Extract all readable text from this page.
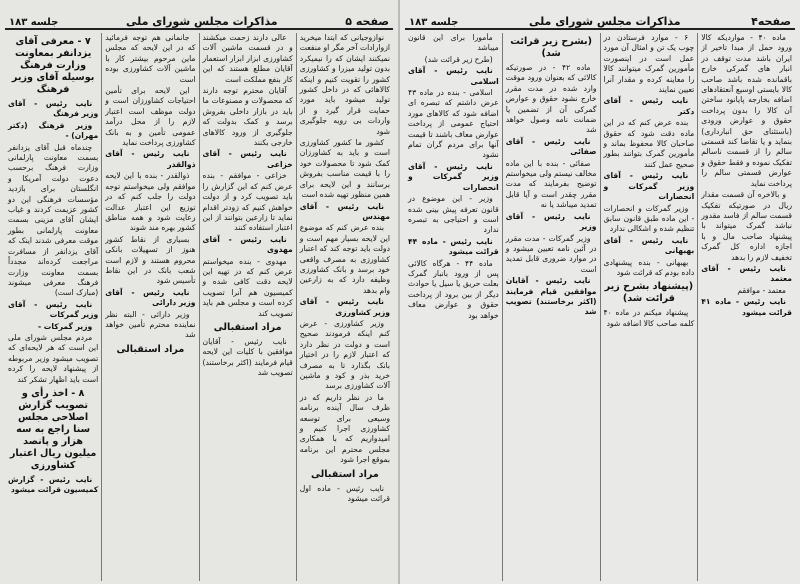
صفحه ۵
مذاکرات مجلس شورای ملی
جلسه ۱۸۳

نوازوجیانی که ابتدا میخرید ازوارادات آخر مگر او منفعت نمیکنند ایشان که را نیمیکرد بدون تولید میزرا و کشاورزی کشور را تقویت کنیم و اینکه کالاهائی که در داخل کشور تولید میشود باید مورد حمایت قرار گیرد و از واردات بی رویه جلوگیری شود

کشور ما کشور کشاورزی است و باید به کشاورزان کمک شود تا محصولات خود را با قیمت مناسب بفروش برسانند و این لایحه برای همین منظور تهیه شده است

نایب رئیس - آقای مهندس

بنده عرض کنم که موضوع این لایحه بسیار مهم است و دولت باید توجه کند که اعتبار کشاورزی به مصرف واقعی خود برسد و بانک کشاورزی وظیفه دارد که به زارعین وام بدهد

نایب رئیس - آقای وزیر کشاورزی

وزیر کشاورزی - عرض کنم اینکه فرمودند صحیح است و دولت در نظر دارد که اعتبار لازم را در اختیار بانک بگذارد تا به مصرف خرید بذر و کود و ماشین آلات کشاورزی برسد

ما در نظر داریم که در ظرف سال آینده برنامه وسیعی برای توسعه کشاورزی اجرا کنیم و امیدواریم که با همکاری مجلس محترم این برنامه بموقع اجرا شود

مراد استقبالی

نایب رئیس - ماده اول قرائت میشود

عالی دارند زحمت میکشند و در قسمت ماشین آلات کشاورزی ابزار ابزار استعمار آقایان مطلع هستند که این کار بنفع مملکت است

آقایان محترم توجه دارند که محصولات و مصنوعات ما باید در بازار داخلی بفروش برسد و کمک بدولت که جلوگیری از ورود کالاهای خارجی بکنند

نایب رئیس - آقای خزاعی

خزاعی - موافقم - بنده عرض کنم که این گزارش را باید تصویب کرد و از دولت خواهش کنیم که زودتر اقدام نماید تا زارعین بتوانند از این اعتبار استفاده کنند

نایب رئیس - آقای مهدوی

مهدوی - بنده میخواستم عرض کنم که در تهیه این لایحه دقت کافی شده و کمیسیون هم آنرا تصویب کرده است و مجلس هم باید تصویب کند

مراد استقبالی

نایب رئیس - آقایان موافقین با کلیات این لایحه قیام فرمایند (اکثر برخاستند) تصویب شد

جانمانی هم توجه فرمائید که در این لایحه که مجلس ماین مرحوم بیشتر کار با ماشین آلات کشاورزی بوده است

این لایحه برای تأمین احتیاجات کشاورزان است و دولت موظف است اعتبار لازم را از محل درآمد عمومی تأمین و به بانک کشاورزی پرداخت نماید

نایب رئیس - آقای ذوالقدر

ذوالقدر - بنده با این لایحه موافقم ولی میخواستم توجه دولت را جلب کنم که در توزیع این اعتبار عدالت رعایت شود و همه مناطق کشور بهره مند شوند

بسیاری از نقاط کشور هنوز از تسهیلات بانکی محروم هستند و لازم است شعب بانک در این نقاط تأسیس شود

نایب رئیس - آقای وزیر دارائی

وزیر دارائی - البته نظر نماینده محترم تأمین خواهد شد

مراد استقبالی
۷ - معرفی آقای یزدانفر بمعاونت وزارت فرهنگ بوسیله آقای وزیر فرهنگ

نایب رئیس - آقای وزیر فرهنگ

وزیر فرهنگ (دکتر مهران) -

چندماه قبل آقای یزدانفر بسمت معاونت پارلمانی وزارت فرهنگ برحسب دعوت دولت آمریکا و انگلستان برای بازدید مؤسسات فرهنگی این دو کشور عزیمت کردند و غیاب ایشان آقای مزینی بسمت معاونت پارلمانی بطور موقت معرفی شدند اینک که آقای یزدانفر از مسافرت مراجعت کرده‌اند مجدداً بسمت معاونت وزارت فرهنگ معرفی میشوند (مبارک است)

نایب رئیس - آقای وزیر گمرکات

وزیر گمرکات -

مردم مجلس شورای ملی این است که هر لایحه‌ای که تصویب میشود وزیر مربوطه از پیشنهاد لایحه را کرده است باید اظهار تشکر کند

۸ - اخذ رأی و تصویب گزارش اصلاحی مجلس سنا راجع به سه هزار و پانصد میلیون ریال اعتبار کشاورزی

نایب رئیس - گزارش کمیسیون قرائت میشود

صفحه۴
مذاکرات مجلس شورای ملی
جلسه ۱۸۳

ماده ۴۰ - مواردیکه کالا ورود حمل از مبدا تاخیر از ایران باشد مدت توقف در انبار های گمرکی خارج باقمانده شده باشد صاحب کالا بایستی اوسیع آنعتقادهای اضافه بخارجه پایانود ساختن آن کالا را بدون پرداخت حقوق و عوارض ورودی (باستثنای حق انبارداری) بنماید و یا تقاضا کند قسمتی سالم را از قسمت ناسالم تفکیک نموده و فقط حقوق و عوارض قسمتی سالم را پرداخت نماید

و بالاخره آن قسمت مقدار ریال در صورتیکه تفکیک قسمت سالم از فاسد مقدور نباشد گمرک میتواند با پیشنهاد صاحب مال و با اجازه اداره کل گمرک تخفیف لازم را بدهد

نایب رئیس - آقای معتمد

معتمد - موافقم

نایب رئیس - ماده ۴۱ قرائت میشود

۶ - موارد فرستادن در چوب یک تن و امثال آن مورد عمل است در اینصورت مأمورین گمرک میتوانند کالا را معاینه کرده و مقدار آنرا تعیین نمایند

نایب رئیس - آقای دکتر

بنده عرض کنم که در این ماده دقت شود که حقوق صاحبان کالا محفوظ بماند و مأمورین گمرک بتوانند بطور صحیح عمل کنند

نایب رئیس - آقای وزیر گمرکات و انحصارات

وزیر گمرکات و انحصارات - این ماده طبق قانون سابق تنظیم شده و اشکالی ندارد

نایب رئیس - آقای بهبهانی

بهبهانی - بنده پیشنهادی داده بودم که قرائت شود

(پیشنهاد بشرح زیر قرائت شد)

پیشنهاد میکنم در ماده ۴۰ کلمه صاحب کالا اضافه شود

(بشرح زیر قرائت شد)

ماده ۴۲ - در صورتیکه کالائی که بعنوان ورود موقت وارد شده در مدت مقرر خارج نشود حقوق و عوارض گمرکی آن از تضمین یا ضمانت نامه وصول خواهد شد

نایب رئیس - آقای صفائی

صفائی - بنده با این ماده مخالف نیستم ولی میخواستم توضیح بفرمایند که مدت مقرر چقدر است و آیا قابل تمدید میباشد یا نه

نایب رئیس - آقای وزیر

وزیر گمرکات - مدت مقرر در آئین نامه تعیین میشود و در موارد ضروری قابل تمدید است

نایب رئیس - آقایان موافقین قیام فرمایند (اکثر برخاستند) تصویب شد

مأمورا برای این قانون میباشد

(طرح زیر قرائت شد)

نایب رئیس - آقای اسلامی

اسلامی - بنده در ماده ۴۳ عرض داشتم که تبصره ای اضافه شود که کالاهای مورد احتیاج عمومی از پرداخت عوارض معاف باشند تا قیمت آنها برای مردم گران تمام نشود

نایب رئیس - آقای وزیر گمرکات و انحصارات

وزیر - این موضوع در قانون تعرفه پیش بینی شده است و احتیاجی به تبصره ندارد

نایب رئیس - ماده ۴۴ قرائت میشود

ماده ۴۴ - هرگاه کالائی پس از ورود بانبار گمرک بعلت حریق یا سیل یا حوادث دیگر از بین برود از پرداخت حقوق و عوارض معاف خواهد بود
